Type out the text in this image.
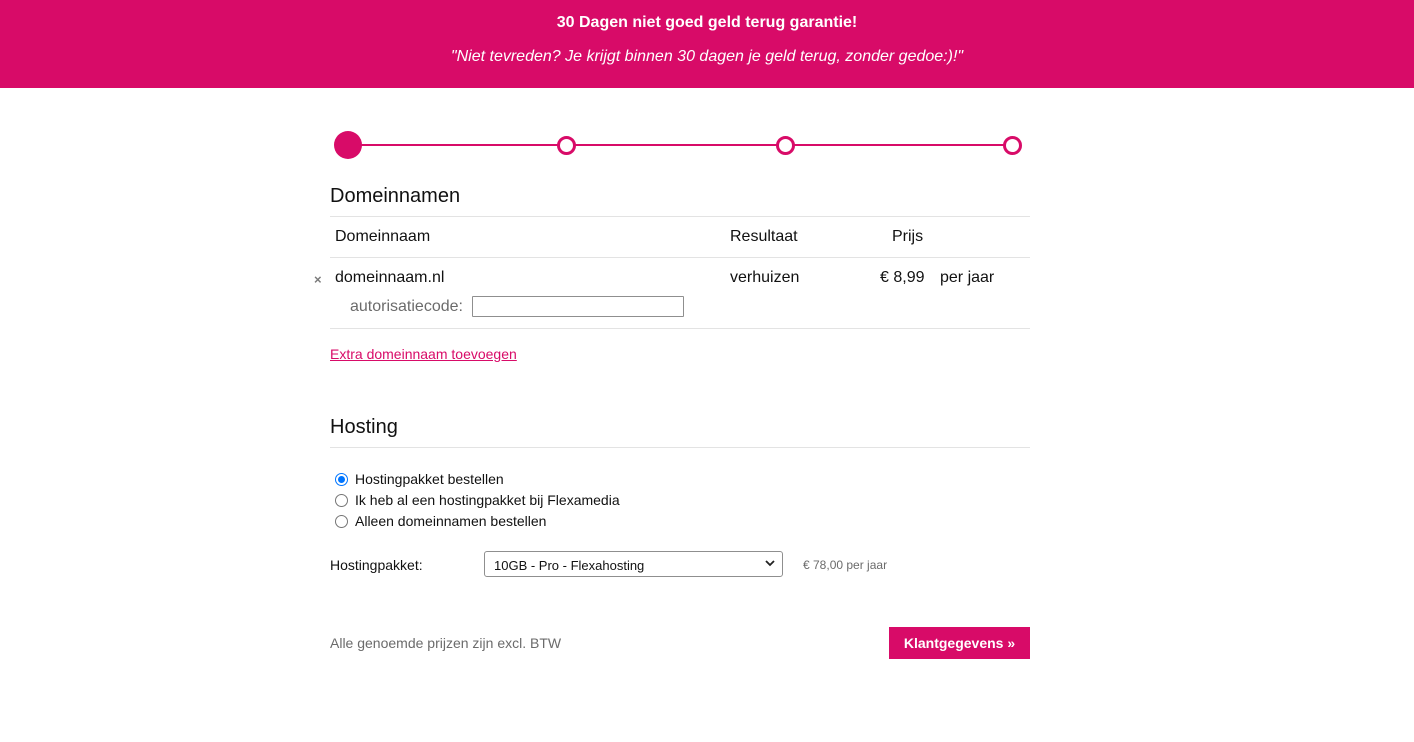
30 Dagen niet goed geld terug garantie!
"Niet tevreden? Je krijgt binnen 30 dagen je geld terug, zonder gedoe:)!"
Domeinnamen
Domeinnaam	Resultaat	Prijs
× domeinnaam.nl	verhuizen	€ 8,99 per jaar
autorisatiecode:
Extra domeinnaam toevoegen
Hosting
Hostingpakket bestellen
Ik heb al een hostingpakket bij Flexamedia
Alleen domeinnamen bestellen
Hostingpakket:	10GB - Pro - Flexahosting	€ 78,00 per jaar
Alle genoemde prijzen zijn excl. BTW	Klantgegevens »
